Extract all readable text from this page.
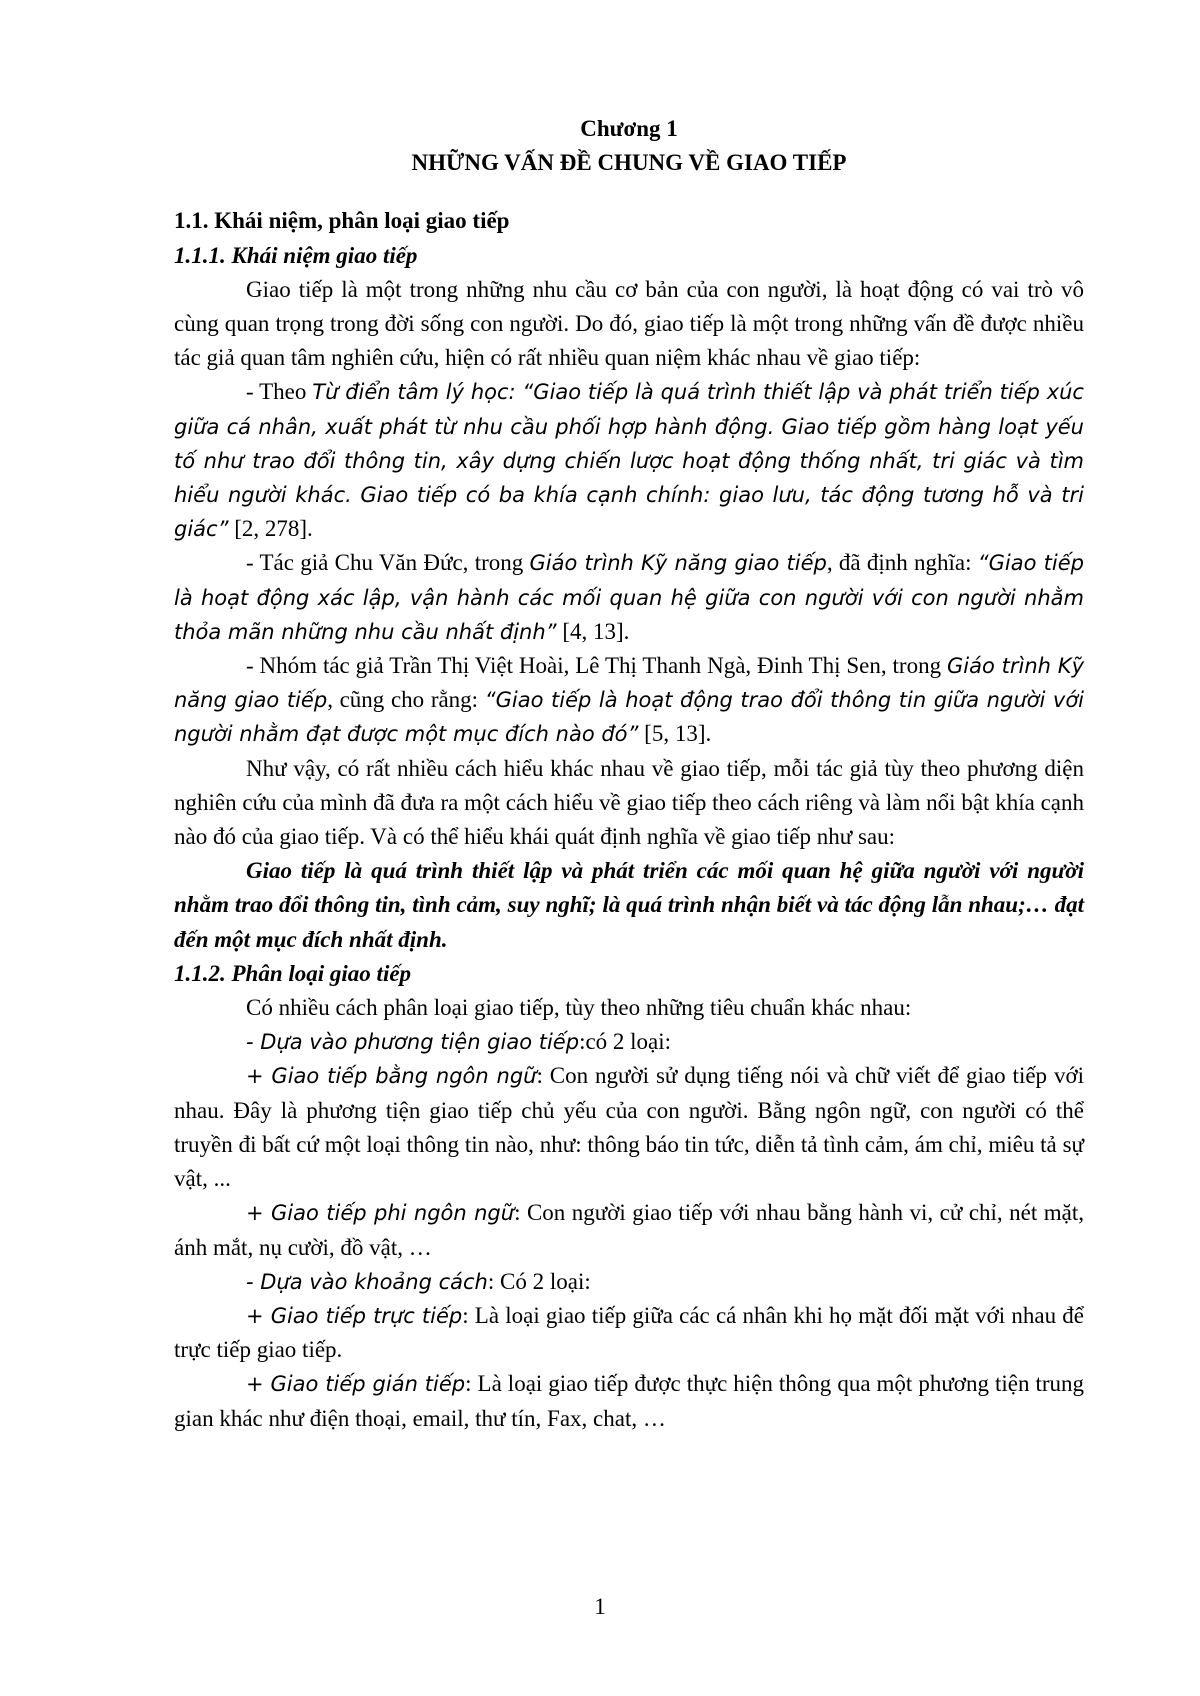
Chương 1

NHỮNG VẤN ĐỀ CHUNG VỀ GIAO TIẾP

1.1. Khái niệm, phân loại giao tiếp

1.1.1. Khái niệm giao tiếp

Giao tiếp là một trong những nhu cầu cơ bản của con người, là hoạt động có vai trò vô cùng quan trọng trong đời sống con người. Do đó, giao tiếp là một trong những vấn đề được nhiều tác giả quan tâm nghiên cứu, hiện có rất nhiều quan niệm khác nhau về giao tiếp:

- Theo Từ điển tâm lý học: “Giao tiếp là quá trình thiết lập và phát triển tiếp xúc giữa cá nhân, xuất phát từ nhu cầu phối hợp hành động. Giao tiếp gồm hàng loạt yếu tố như trao đổi thông tin, xây dựng chiến lược hoạt động thống nhất, tri giác và tìm hiểu người khác. Giao tiếp có ba khía cạnh chính: giao lưu, tác động tương hỗ và tri giác” [2, 278].

- Tác giả Chu Văn Đức, trong Giáo trình Kỹ năng giao tiếp, đã định nghĩa: “Giao tiếp là hoạt động xác lập, vận hành các mối quan hệ giữa con người với con người nhằm thỏa mãn những nhu cầu nhất định” [4, 13].

- Nhóm tác giả Trần Thị Việt Hoài, Lê Thị Thanh Ngà, Đinh Thị Sen, trong Giáo trình Kỹ năng giao tiếp, cũng cho rằng: “Giao tiếp là hoạt động trao đổi thông tin giữa người với người nhằm đạt được một mục đích nào đó” [5, 13].

Như vậy, có rất nhiều cách hiểu khác nhau về giao tiếp, mỗi tác giả tùy theo phương diện nghiên cứu của mình đã đưa ra một cách hiểu về giao tiếp theo cách riêng và làm nổi bật khía cạnh nào đó của giao tiếp. Và có thể hiểu khái quát định nghĩa về giao tiếp như sau:

Giao tiếp là quá trình thiết lập và phát triển các mối quan hệ giữa người với người nhằm trao đổi thông tin, tình cảm, suy nghĩ; là quá trình nhận biết và tác động lẫn nhau;… đạt đến một mục đích nhất định.

1.1.2. Phân loại giao tiếp

Có nhiều cách phân loại giao tiếp, tùy theo những tiêu chuẩn khác nhau:

- Dựa vào phương tiện giao tiếp:có 2 loại:

+ Giao tiếp bằng ngôn ngữ: Con người sử dụng tiếng nói và chữ viết để giao tiếp với nhau. Đây là phương tiện giao tiếp chủ yếu của con người. Bằng ngôn ngữ, con người có thể truyền đi bất cứ một loại thông tin nào, như: thông báo tin tức, diễn tả tình cảm, ám chỉ, miêu tả sự vật, ...

+ Giao tiếp phi ngôn ngữ: Con người giao tiếp với nhau bằng hành vi, cử chỉ, nét mặt, ánh mắt, nụ cười, đồ vật, …

- Dựa vào khoảng cách: Có 2 loại:

+ Giao tiếp trực tiếp: Là loại giao tiếp giữa các cá nhân khi họ mặt đối mặt với nhau để trực tiếp giao tiếp.

+ Giao tiếp gián tiếp: Là loại giao tiếp được thực hiện thông qua một phương tiện trung gian khác như điện thoại, email, thư tín, Fax, chat, …

1
